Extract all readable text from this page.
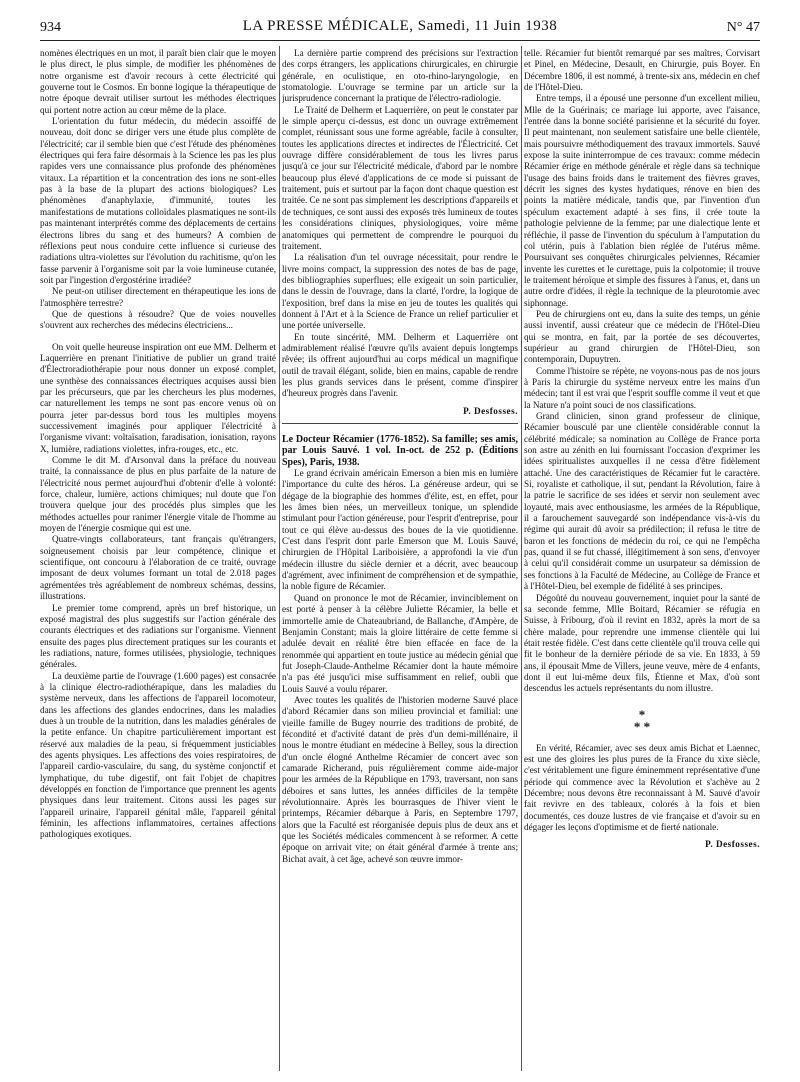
934	LA PRESSE MÉDICALE, Samedi, 11 Juin 1938	N° 47

nomènes électriques en un mot, il paraît bien clair que le moyen le plus direct, le plus simple, de modifier les phénomènes de notre organisme est d'avoir recours à cette électricité qui gouverne tout le Cosmos. En bonne logique la thérapeutique de notre époque devrait utiliser surtout les méthodes électriques qui portent notre action au cœur même de la place.

L'orientation du futur médecin, du médecin assoiffé de nouveau, doit donc se diriger vers une étude plus complète de l'électricité; car il semble bien que c'est l'étude des phénomènes électriques qui fera faire désormais à la Science les pas les plus rapides vers une connaissance plus profonde des phénomènes vitaux. La répartition et la concentration des ions ne sont-elles pas à la base de la plupart des actions biologiques? Les phénomènes d'anaphylaxie, d'immunité, toutes les manifestations de mutations colloïdales plasmatiques ne sont-ils pas maintenant interprétés comme des déplacements de certains électrons libres du sang et des humeurs? A combien de réflexions peut nous conduire cette influence si curieuse des radiations ultra-violettes sur l'évolution du rachitisme, qu'on les fasse parvenir à l'organisme soit par la voie lumineuse cutanée, soit par l'ingestion d'ergostérine irradiée?

Ne peut-on utiliser directement en thérapeutique les ions de l'atmosphère terrestre?

Que de questions à résoudre? Que de voies nouvelles s'ouvrent aux recherches des médecins électriciens...

On voit quelle heureuse inspiration ont eue MM. Delherm et Laquerrière en prenant l'initiative de publier un grand traité d'Électroradiothérapie pour nous donner un exposé complet, une synthèse des connaissances électriques acquises aussi bien par les précurseurs, que par les chercheurs les plus modernes, car naturellement les temps ne sont pas encore venus où on pourra jeter par-dessus bord tous les multiples moyens successivement imaginés pour appliquer l'électricité à l'organisme vivant: voltaïsation, faradisation, ionisation, rayons X, lumière, radiations violettes, infra-rouges, etc., etc.

Comme le dit M. d'Arsonval dans la préface du nouveau traité, la connaissance de plus en plus parfaite de la nature de l'électricité nous permet aujourd'hui d'obtenir d'elle à volonté: force, chaleur, lumière, actions chimiques; nul doute que l'on trouvera quelque jour des procédés plus simples que les méthodes actuelles pour ranimer l'énergie vitale de l'homme au moyen de l'énergie cosmique qui est une.

Quatre-vingts collaborateurs, tant français qu'étrangers, soigneusement choisis par leur compétence, clinique et scientifique, ont concouru à l'élaboration de ce traité, ouvrage imposant de deux volumes formant un total de 2.018 pages agrémentées très agréablement de nombreux schémas, dessins, illustrations.

Le premier tome comprend, après un bref historique, un exposé magistral des plus suggestifs sur l'action générale des courants électriques et des radiations sur l'organisme. Viennent ensuite des pages plus directement pratiques sur les courants et les radiations, nature, formes utilisées, physiologie, techniques générales.

La deuxième partie de l'ouvrage (1.600 pages) est consacrée à la clinique électro-radiothérapique, dans les maladies du système nerveux, dans les affections de l'appareil locomoteur, dans les affections des glandes endocrines, dans les maladies dues à un trouble de la nutrition, dans les maladies générales de la petite enfance. Un chapitre particulièrement important est réservé aux maladies de la peau, si fréquemment justiciables des agents physiques. Les affections des voies respiratoires, de l'appareil cardio-vasculaire, du sang, du système conjonctif et lymphatique, du tube digestif, ont fait l'objet de chapitres développés en fonction de l'importance que prennent les agents physiques dans leur traitement. Citons aussi les pages sur l'appareil urinaire, l'appareil génital mâle, l'appareil génital féminin, les affections inflammatoires, certaines affections pathologiques exotiques.

La dernière partie comprend des précisions sur l'extraction des corps étrangers, les applications chirurgicales, en chirurgie générale, en oculistique, en oto-rhino-laryngologie, en stomatologie. L'ouvrage se termine par un article sur la jurisprudence concernant la pratique de l'électro-radiologie.

Le Traité de Delherm et Laquerrière, on peut le constater par le simple aperçu ci-dessus, est donc un ouvrage extrêmement complet, réunissant sous une forme agréable, facile à consulter, toutes les applications directes et indirectes de l'Électricité. Cet ouvrage diffère considérablement de tous les livres parus jusqu'à ce jour sur l'électricité médicale, d'abord par le nombre beaucoup plus élevé d'applications de ce mode si puissant de traitement, puis et surtout par la façon dont chaque question est traitée. Ce ne sont pas simplement les descriptions d'appareils et de techniques, ce sont aussi des exposés très lumineux de toutes les considérations cliniques, physiologiques, voire même anatomiques qui permettent de comprendre le pourquoi du traitement.

La réalisation d'un tel ouvrage nécessitait, pour rendre le livre moins compact, la suppression des notes de bas de page, des bibliographies superflues; elle exigeait un soin particulier, dans le dessin de l'ouvrage, dans la clarté, l'ordre, la logique de l'exposition, bref dans la mise en jeu de toutes les qualités qui donnent à l'Art et à la Science de France un relief particulier et une portée universelle.

En toute sincérité, MM. Delherm et Laquerrière ont admirablement réalisé l'œuvre qu'ils avaient depuis longtemps rêvée; ils offrent aujourd'hui au corps médical un magnifique outil de travail élégant, solide, bien en mains, capable de rendre les plus grands services dans le présent, comme d'inspirer d'heureux progrès dans l'avenir.

P. Desfosses.

Le Docteur Récamier (1776-1852). Sa famille; ses amis, par Louis Sauvé. 1 vol. In-oct. de 252 p. (Éditions Spes), Paris, 1938.

Le grand écrivain américain Emerson a bien mis en lumière l'importance du culte des héros. La généreuse ardeur, qui se dégage de la biographie des hommes d'élite, est, en effet, pour les âmes bien nées, un merveilleux tonique, un splendide stimulant pour l'action généreuse, pour l'esprit d'entreprise, pour tout ce qui élève au-dessus des boues de la vie quotidienne. C'est dans l'esprit dont parle Emerson que M. Louis Sauvé, chirurgien de l'Hôpital Lariboisière, a approfondi la vie d'un médecin illustre du siècle dernier et a décrit, avec beaucoup d'agrément, avec infiniment de compréhension et de sympathie, la noble figure de Récamier.

Quand on prononce le mot de Récamier, invinciblement on est porté à penser à la célèbre Juliette Récamier, la belle et immortelle amie de Chateaubriand, de Ballanche, d'Ampère, de Benjamin Constant; mais la gloire littéraire de cette femme si adulée devait en réalité être bien effacée en face de la renommée qui appartient en toute justice au médecin génial que fut Joseph-Claude-Anthelme Récamier dont la haute mémoire n'a pas été jusqu'ici mise suffisamment en relief, oubli que Louis Sauvé a voulu réparer.

Avec toutes les qualités de l'historien moderne Sauvé place d'abord Récamier dans son milieu provincial et familial: une vieille famille de Bugey nourrie des traditions de probité, de fécondité et d'activité datant de près d'un demi-millénaire, il nous le montre étudiant en médecine à Belley, sous la direction d'un oncle élogné Anthelme Récamier de concert avec son camarade Richerand, puis régulièrement comme aide-major pour les armées de la République en 1793, traversant, non sans déboires et sans luttes, les années difficiles de la tempête révolutionnaire. Après les bourrasques de l'hiver vient le printemps, Récamier débarque à Paris, en Septembre 1797, alors que la Faculté est réorganisée depuis plus de deux ans et que les Sociétés médicales commencent à se reformer. A cette époque on arrivait vite; on était général d'armée à trente ans; Bichat avait, à cet âge, achevé son œuvre immor-

telle. Récamier fut bientôt remarqué par ses maîtres, Corvisart et Pinel, en Médecine, Desault, en Chirurgie, puis Boyer. En Décembre 1806, il est nommé, à trente-six ans, médecin en chef de l'Hôtel-Dieu.

Entre temps, il a épousé une personne d'un excellent milieu, Mlle de la Guérinais; ce mariage lui apporte, avec l'aisance, l'entrée dans la bonne société parisienne et la sécurité du foyer. Il peut maintenant, non seulement satisfaire une belle clientèle, mais poursuivre méthodiquement des travaux immortels. Sauvé expose la suite ininterrompue de ces travaux: comme médecin Récamier érige en méthode générale et règle dans sa technique l'usage des bains froids dans le traitement des fièvres graves, décrit les signes des kystes hydatiques, rénove en bien des points la matière médicale, tandis que, par l'invention d'un spéculum exactement adapté à ses fins, il crée toute la pathologie pelvienne de la femme; par une dialectique lente et réfléchie, il passe de l'invention du spéculum à l'amputation du col utérin, puis à l'ablation bien réglée de l'utérus même. Poursuivant ses conquêtes chirurgicales pelviennes, Récamier invente les curettes et le curettage, puis la colpotomie; il trouve le traitement héroïque et simple des fissures à l'anus, et, dans un autre ordre d'idées, il règle la technique de la pleurotomie avec siphonnage.

Peu de chirurgiens ont eu, dans la suite des temps, un génie aussi inventif, aussi créateur que ce médecin de l'Hôtel-Dieu qui se montra, en fait, par la portée de ses découvertes, supérieur au grand chirurgien de l'Hôtel-Dieu, son contemporain, Dupuytren.

Comme l'histoire se répète, ne voyons-nous pas de nos jours à Paris la chirurgie du système nerveux entre les mains d'un médecin; tant il est vrai que l'esprit souffle comme il veut et que la Nature n'a point souci de nos classifications.

Grand clinicien, sinon grand professeur de clinique, Récamier bousculé par une clientèle considérable connut la célébrité médicale; sa nomination au Collège de France porta son astre au zénith en lui fournissant l'occasion d'exprimer les idées spiritualistes auxquelles il ne cessa d'être fidèlement attaché. Une des caractéristiques de Récamier fut le caractère. Si, royaliste et catholique, il sut, pendant la Révolution, faire à la patrie le sacrifice de ses idées et servir non seulement avec loyauté, mais avec enthousiasme, les armées de la République, il a farouchement sauvegardé son indépendance vis-à-vis du régime qui aurait dû avoir sa prédilection; il refusa le titre de baron et les fonctions de médecin du roi, ce qui ne l'empêcha pas, quand il se fut chassé, illégitimement à son sens, d'envoyer à celui qu'il considérait comme un usurpateur sa démission de ses fonctions à la Faculté de Médecine, au Collège de France et à l'Hôtel-Dieu, bel exemple de fidélité à ses principes.

Dégoûté du nouveau gouvernement, inquiet pour la santé de sa seconde femme, Mlle Boitard, Récamier se réfugia en Suisse, à Fribourg, d'où il revint en 1832, après la mort de sa chère malade, pour reprendre une immense clientèle qui lui était restée fidèle. C'est dans cette clientèle qu'il trouva celle qui fit le bonheur de la dernière période de sa vie. En 1833, à 59 ans, il épousait Mme de Villers, jeune veuve, mère de 4 enfants, dont il eut lui-même deux fils, Étienne et Max, d'où sont descendus les actuels représentants du nom illustre.

*
* *

En vérité, Récamier, avec ses deux amis Bichat et Laennec, est une des gloires les plus pures de la France du xixe siècle, c'est véritablement une figure éminemment représentative d'une période qui commence avec la Révolution et s'achève au 2 Décembre; nous devons être reconnaissant à M. Sauvé d'avoir fait revivre en des tableaux, colorés à la fois et bien documentés, ces douze lustres de vie française et d'avoir su en dégager les leçons d'optimisme et de fierté nationale.

P. Desfosses.
